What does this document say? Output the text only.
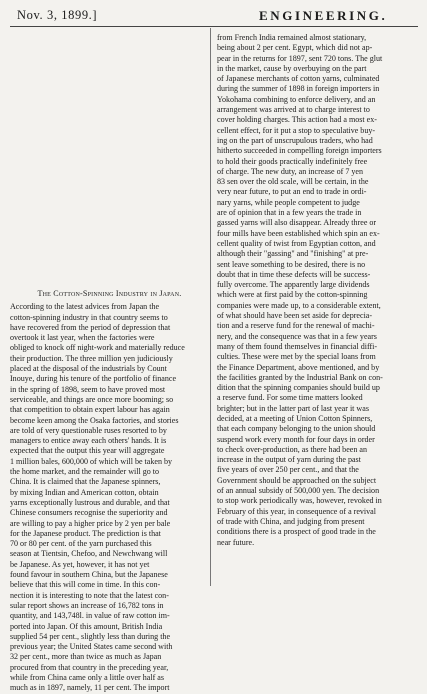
Nov. 3, 1899.]	ENGINEERING.
The Cotton-Spinning Industry in Japan.
According to the latest advices from Japan the
cotton-spinning industry in that country seems to
have recovered from the period of depression that
overtook it last year, when the factories were
obliged to knock off night-work and materially reduce
their production. The three million yen judiciously
placed at the disposal of the industrials by Count
Inouye, during his tenure of the portfolio of finance
in the spring of 1898, seem to have proved most
serviceable, and things are once more booming; so
that competition to obtain expert labour has again
become keen among the Osaka factories, and stories
are told of very questionable ruses resorted to by
managers to entice away each others' hands. It is
expected that the output this year will aggregate
1 million bales, 600,000 of which will be taken by
the home market, and the remainder will go to
China. It is claimed that the Japanese spinners,
by mixing Indian and American cotton, obtain
yarns exceptionally lustrous and durable, and that
Chinese consumers recognise the superiority and
are willing to pay a higher price by 2 yen per bale
for the Japanese product. The prediction is that
70 or 80 per cent. of the yarn purchased this
season at Tientsin, Chefoo, and Newchwang will
be Japanese. As yet, however, it has not yet
found favour in southern China, but the Japanese
believe that this will come in time. In this con-
nection it is interesting to note that the latest con-
sular report shows an increase of 16,782 tons in
quantity, and 143,748l. in value of raw cotton im-
ported into Japan. Of this amount, British India
supplied 54 per cent., slightly less than during the
previous year; the United States came second with
32 per cent., more than twice as much as Japan
procured from that country in the preceding year,
while from China came only a little over half as
much as in 1897, namely, 11 per cent. The import
from French India remained almost stationary,
being about 2 per cent. Egypt, which did not ap-
pear in the returns for 1897, sent 720 tons. The glut
in the market, cause by overbuying on the part
of Japanese merchants of cotton yarns, culminated
during the summer of 1898 in foreign importers in
Yokohama combining to enforce delivery, and an
arrangement was arrived at to charge interest to
cover holding charges. This action had a most ex-
cellent effect, for it put a stop to speculative buy-
ing on the part of unscrupulous traders, who had
hitherto succeeded in compelling foreign importers
to hold their goods practically indefinitely free
of charge. The new duty, an increase of 7 yen
83 sen over the old scale, will be certain, in the
very near future, to put an end to trade in ordi-
nary yarns, while people competent to judge
are of opinion that in a few years the trade in
gassed yarns will also disappear. Already three or
four mills have been established which spin an ex-
cellent quality of twist from Egyptian cotton, and
although their "gassing" and "finishing" at pre-
sent leave something to be desired, there is no
doubt that in time these defects will be success-
fully overcome. The apparently large dividends
which were at first paid by the cotton-spinning
companies were made up, to a considerable extent,
of what should have been set aside for deprecia-
tion and a reserve fund for the renewal of machi-
nery, and the consequence was that in a few years
many of them found themselves in financial diffi-
culties. These were met by the special loans from
the Finance Department, above mentioned, and by
the facilities granted by the Industrial Bank on con-
dition that the spinning companies should build up
a reserve fund. For some time matters looked
brighter; but in the latter part of last year it was
decided, at a meeting of Union Cotton Spinners,
that each company belonging to the union should
suspend work every month for four days in order
to check over-production, as there had been an
increase in the output of yarn during the past
five years of over 250 per cent., and that the
Government should be approached on the subject
of an annual subsidy of 500,000 yen. The decision
to stop work periodically was, however, revoked in
February of this year, in consequence of a revival
of trade with China, and judging from present
conditions there is a prospect of good trade in the
near future.
